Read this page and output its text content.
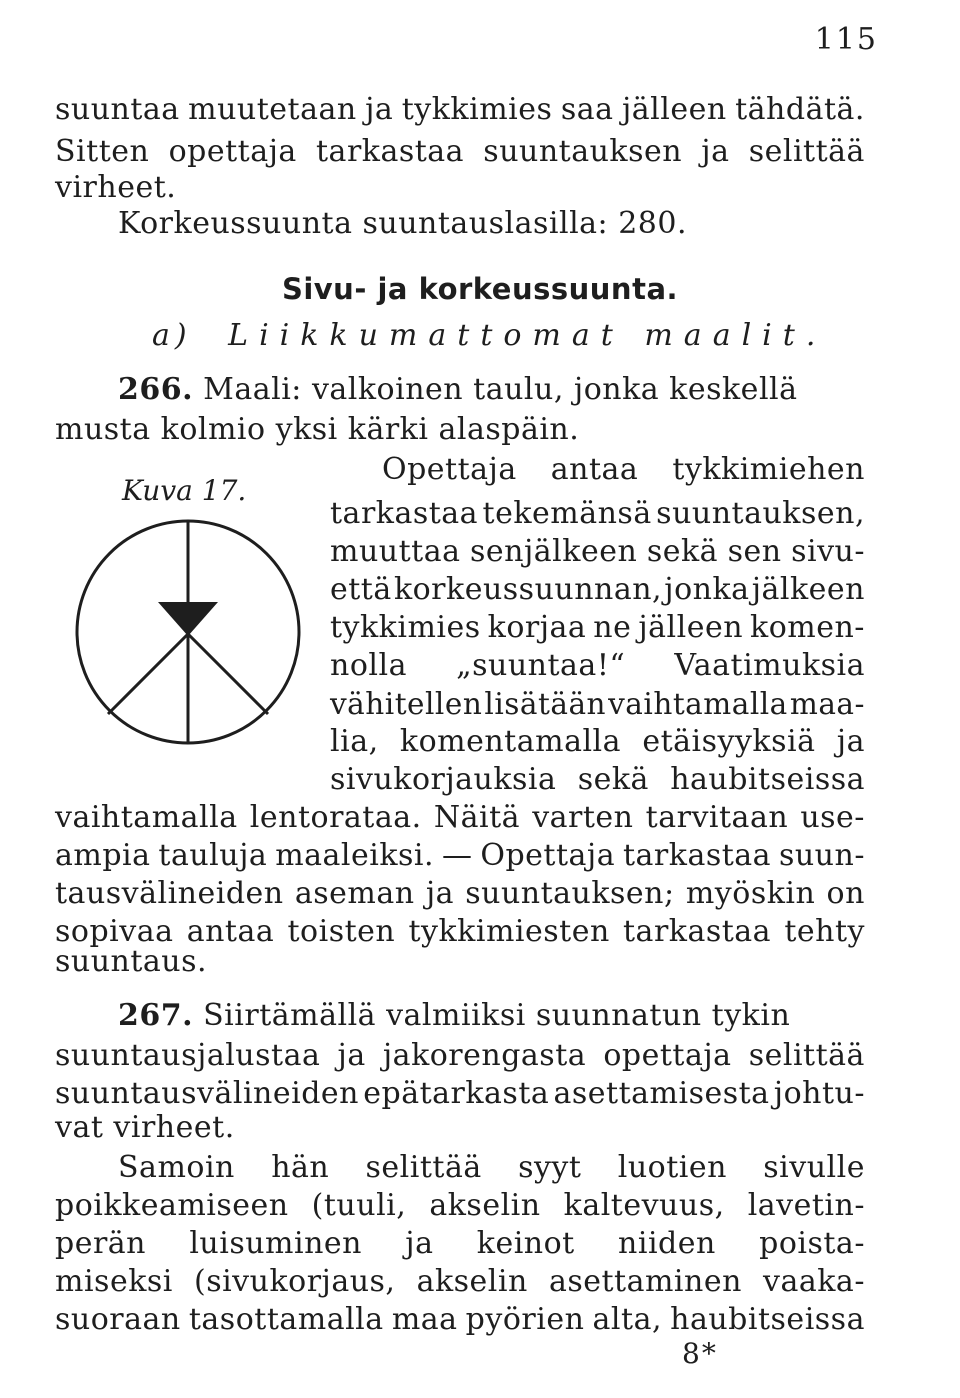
115
suuntaa muutetaan ja tykkimies saa jälleen tähdätä.
Sitten opettaja tarkastaa suuntauksen ja selittää
virheet.
Korkeussuunta suuntauslasilla: 280.
Sivu- ja korkeussuunta.
a) Liikkumattomat maalit.
266. Maali: valkoinen taulu, jonka keskellä
musta kolmio yksi kärki alaspäin.
Kuva 17.
Opettaja antaa tykkimiehen
tarkastaa tekemänsä suuntauksen,
muuttaa senjälkeen sekä sen sivu-
että korkeussuunnan, jonka jälkeen
tykkimies korjaa ne jälleen komen-
nolla „suuntaa!“ Vaatimuksia
vähitellen lisätään vaihtamalla maa-
lia, komentamalla etäisyyksiä ja
sivukorjauksia sekä haubitseissa
vaihtamalla lentorataa. Näitä varten tarvitaan use-
ampia tauluja maaleiksi. — Opettaja tarkastaa suun-
tausvälineiden aseman ja suuntauksen; myöskin on
sopivaa antaa toisten tykkimiesten tarkastaa tehty
suuntaus.
267. Siirtämällä valmiiksi suunnatun tykin
suuntausjalustaa ja jakorengasta opettaja selittää
suuntausvälineiden epätarkasta asettamisesta johtu-
vat virheet.
Samoin hän selittää syyt luotien sivulle
poikkeamiseen (tuuli, akselin kaltevuus, lavetin-
perän luisuminen ja keinot niiden poista-
miseksi (sivukorjaus, akselin asettaminen vaaka-
suoraan tasottamalla maa pyörien alta, haubitseissa
8*
